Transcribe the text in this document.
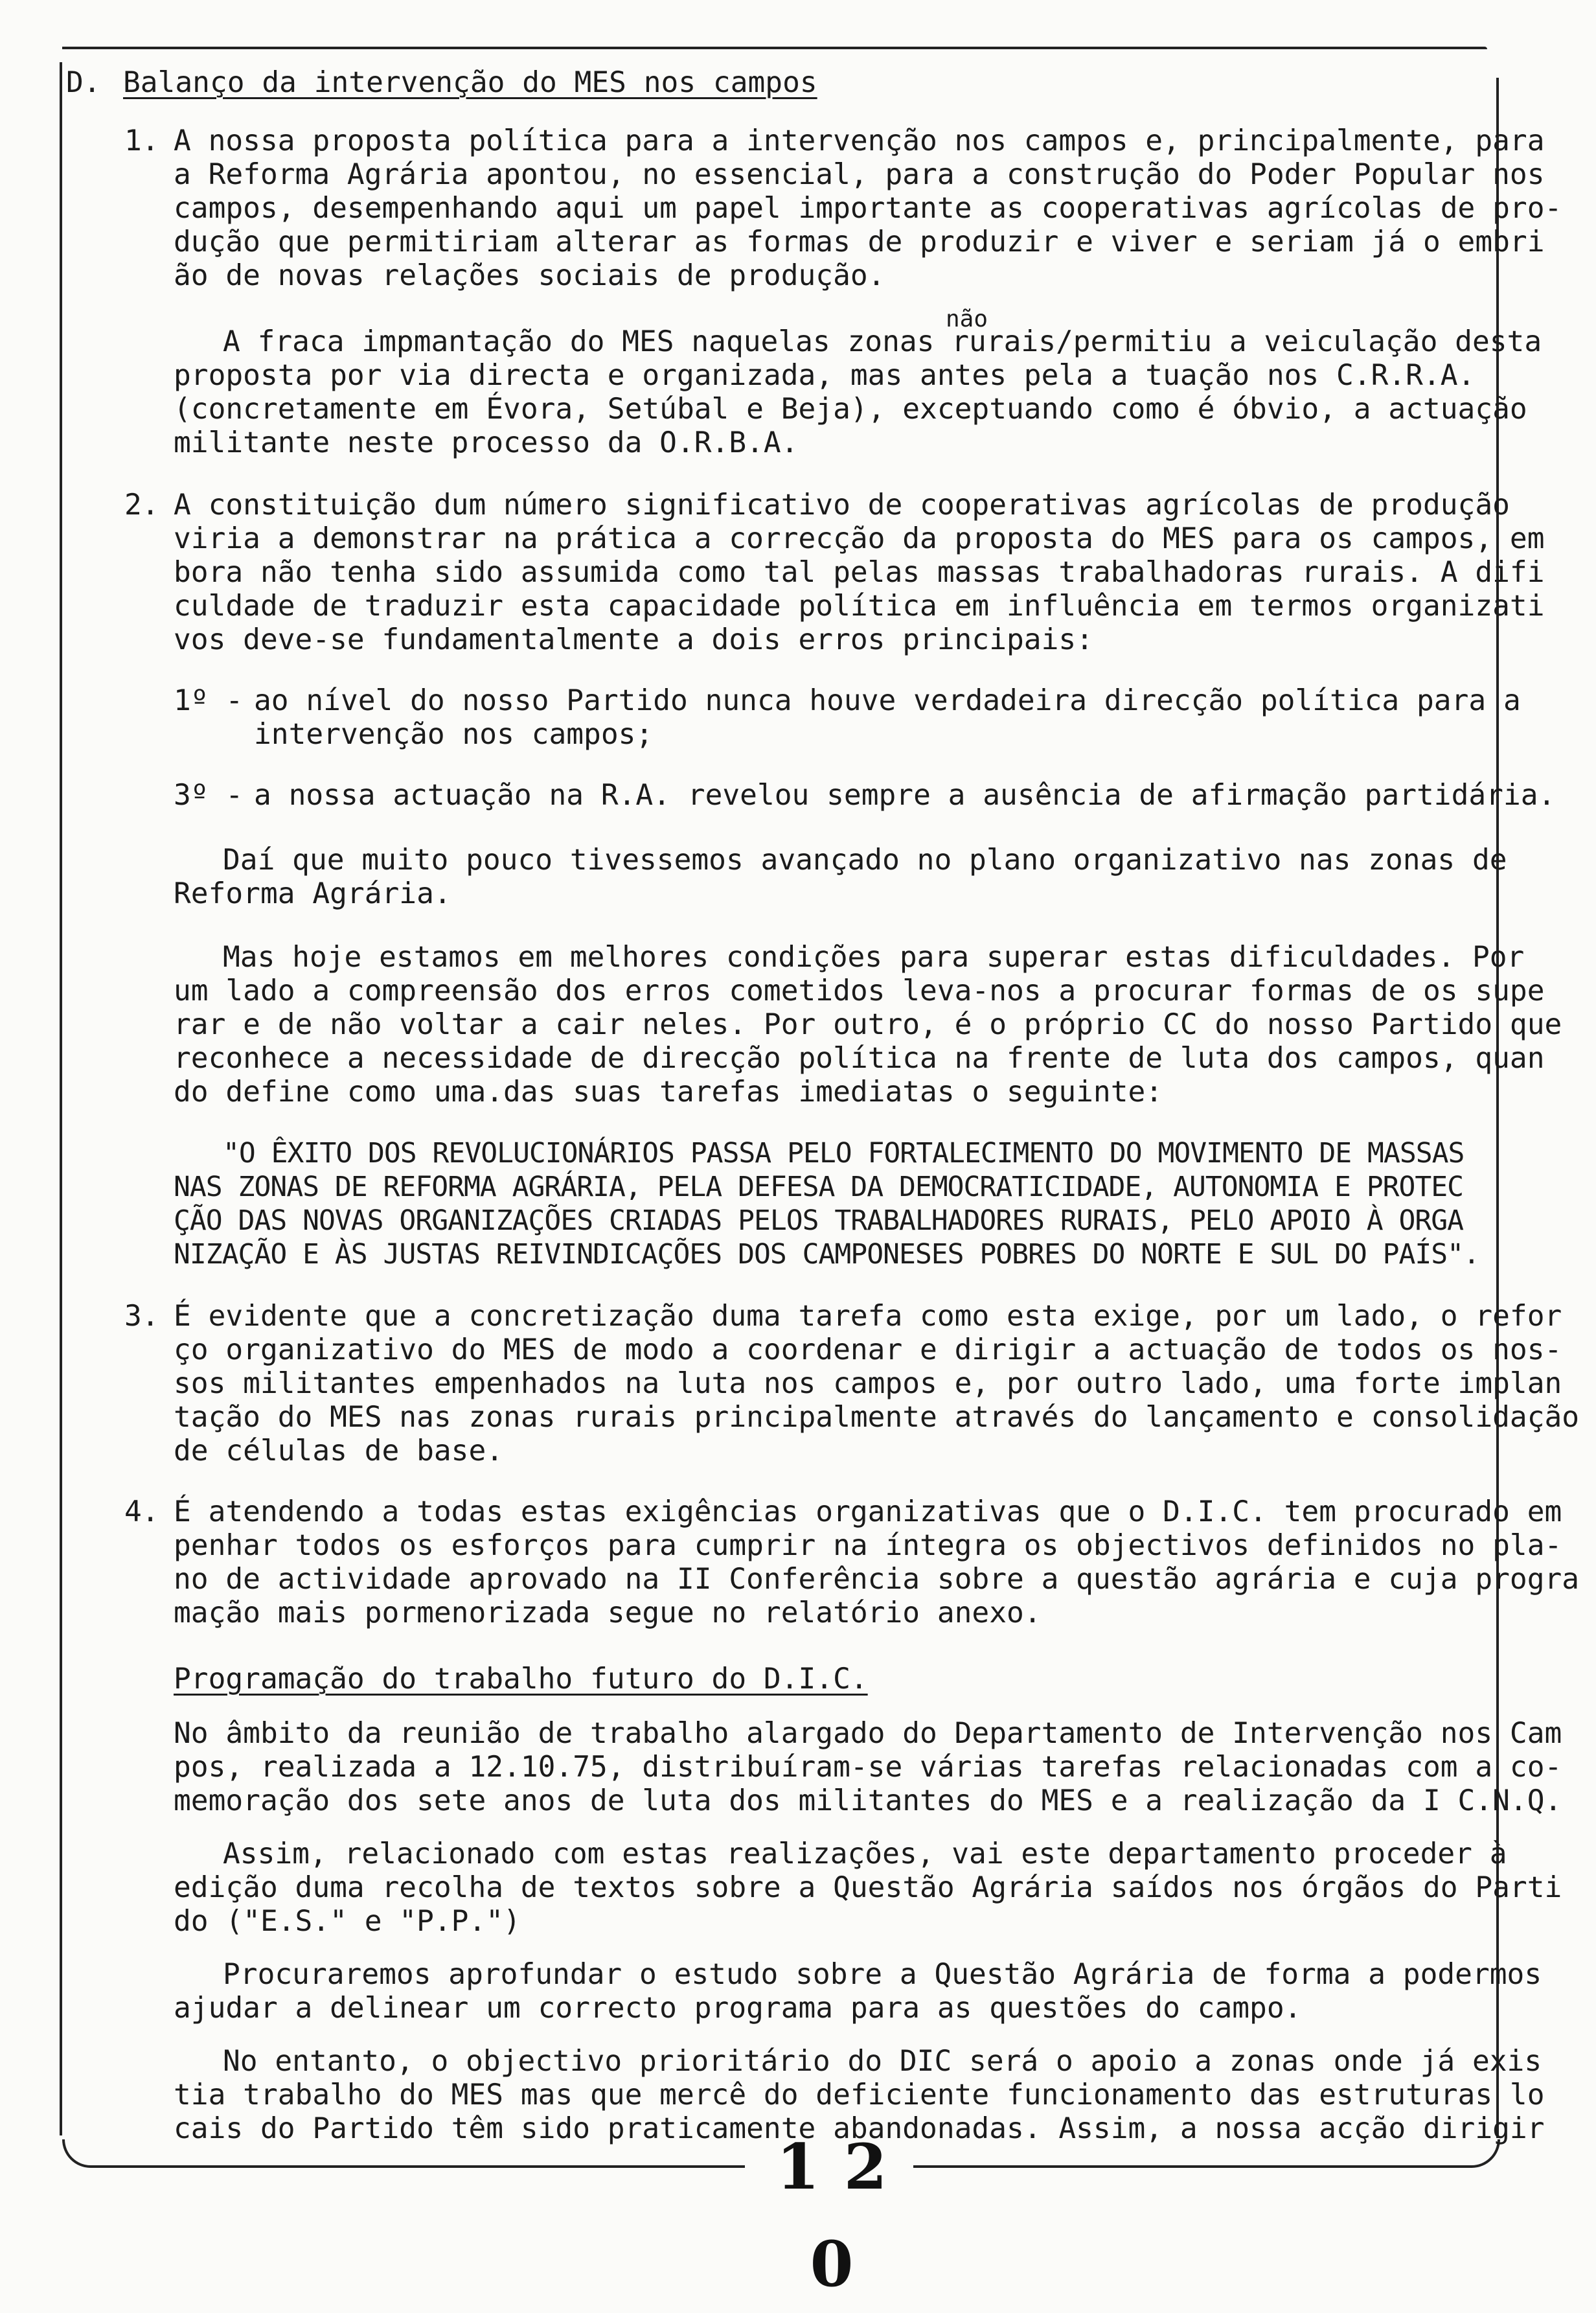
1 2 0
D. Balanço da intervenção do MES nos campos
1. A nossa proposta política para a intervenção nos campos e, principalmente, para
a Reforma Agrária apontou, no essencial, para a construção do Poder Popular nos
campos, desempenhando aqui um papel importante as cooperativas agrícolas de pro-
dução que permitiriam alterar as formas de produzir e viver e seriam já o embri
ão de novas relações sociais de produção.
não
A fraca impmantação do MES naquelas zonas rurais/permitiu a veiculação desta
proposta por via directa e organizada, mas antes pela a tuação nos C.R.R.A.
(concretamente em Évora, Setúbal e Beja), exceptuando como é óbvio, a actuação
militante neste processo da O.R.B.A.
2. A constituição dum número significativo de cooperativas agrícolas de produção
viria a demonstrar na prática a correcção da proposta do MES para os campos, em
bora não tenha sido assumida como tal pelas massas trabalhadoras rurais. A difi
culdade de traduzir esta capacidade política em influência em termos organizati
vos deve-se fundamentalmente a dois erros principais:
1º - ao nível do nosso Partido nunca houve verdadeira direcção política para a
intervenção nos campos;
3º - a nossa actuação na R.A. revelou sempre a ausência de afirmação partidária.
Daí que muito pouco tivessemos avançado no plano organizativo nas zonas de
Reforma Agrária.
Mas hoje estamos em melhores condições para superar estas dificuldades. Por
um lado a compreensão dos erros cometidos leva-nos a procurar formas de os supe
rar e de não voltar a cair neles. Por outro, é o próprio CC do nosso Partido que
reconhece a necessidade de direcção política na frente de luta dos campos, quan
do define como uma.das suas tarefas imediatas o seguinte:
"O ÊXITO DOS REVOLUCIONÁRIOS PASSA PELO FORTALECIMENTO DO MOVIMENTO DE MASSAS
NAS ZONAS DE REFORMA AGRÁRIA, PELA DEFESA DA DEMOCRATICIDADE, AUTONOMIA E PROTEC
ÇÃO DAS NOVAS ORGANIZAÇÕES CRIADAS PELOS TRABALHADORES RURAIS, PELO APOIO À ORGA
NIZAÇÃO E ÀS JUSTAS REIVINDICAÇÕES DOS CAMPONESES POBRES DO NORTE E SUL DO PAÍS".
3. É evidente que a concretização duma tarefa como esta exige, por um lado, o refor
ço organizativo do MES de modo a coordenar e dirigir a actuação de todos os nos-
sos militantes empenhados na luta nos campos e, por outro lado, uma forte implan
tação do MES nas zonas rurais principalmente através do lançamento e consolidação
de células de base.
4. É atendendo a todas estas exigências organizativas que o D.I.C. tem procurado em
penhar todos os esforços para cumprir na íntegra os objectivos definidos no pla-
no de actividade aprovado na II Conferência sobre a questão agrária e cuja progra
mação mais pormenorizada segue no relatório anexo.
Programação do trabalho futuro do D.I.C.
No âmbito da reunião de trabalho alargado do Departamento de Intervenção nos Cam
pos, realizada a 12.10.75, distribuíram-se várias tarefas relacionadas com a co-
memoração dos sete anos de luta dos militantes do MES e a realização da I C.N.Q.
Assim, relacionado com estas realizações, vai este departamento proceder à
edição duma recolha de textos sobre a Questão Agrária saídos nos órgãos do Parti
do ("E.S." e "P.P.")
Procuraremos aprofundar o estudo sobre a Questão Agrária de forma a podermos
ajudar a delinear um correcto programa para as questões do campo.
No entanto, o objectivo prioritário do DIC será o apoio a zonas onde já exis
tia trabalho do MES mas que mercê do deficiente funcionamento das estruturas lo
cais do Partido têm sido praticamente abandonadas. Assim, a nossa acção dirigir
